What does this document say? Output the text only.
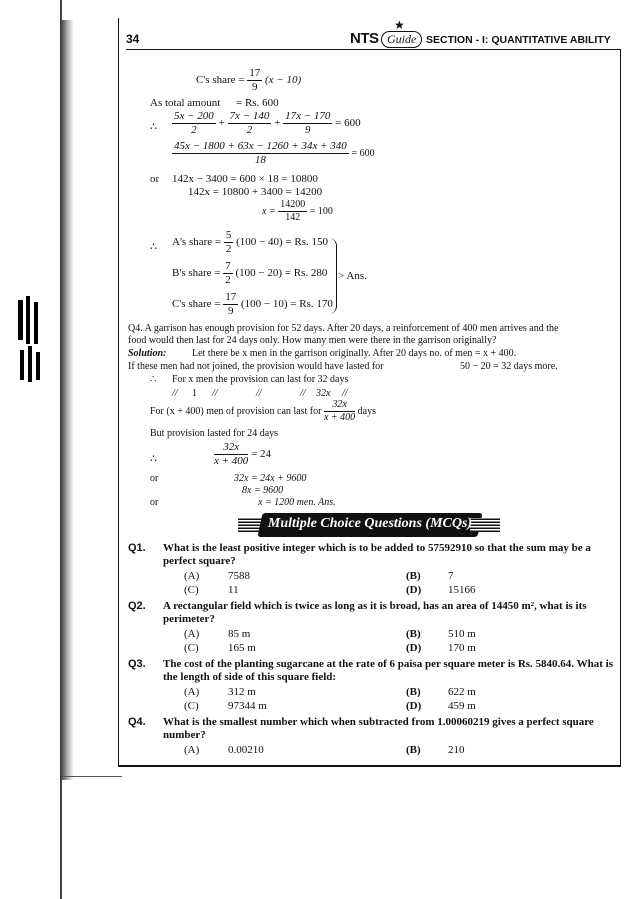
34	NTS Guide
★
SECTION - I: QUANTITATIVE ABILITY
C's share = $\frac{17}{9} (x - 10)$
As total amount = Rs. 600
∴ $\frac{5x - 200}{2} + \frac{7x - 140}{2} + \frac{17x - 170}{9} = 600$
$\frac{45x - 1800 + 63x - 1260 + 34x + 340}{18} = 600$
or 142x − 3400 = 600 × 18 = 10800
142x = 10800 + 3400 = 14200
$x = \frac{14200}{142} = 100$
∴ A's share = $\frac{5}{2} (100 - 40) = Rs$. 150
B's share = $\frac{7}{2} (100 - 20) = Rs$. 280
C's share = $\frac{17}{9} (100 - 10) = Rs$. 170
> Ans.
Q4. A garrison has enough provision for 52 days. After 20 days, a reinforcement of 400 men arrives and the
food would then last for 24 days only. How many men were there in the garrison originally?
Solution:	Let there be x men in the garrison originally. After 20 days no. of men = x + 400.
If these men had not joined, the provision would have lasted for	50 − 20 = 32 days more.
∴ For x men the provision can last for 32 days
// 1 //	//	// 32x //
For (x + 400) men of provision can last for $\frac{32x}{x + 400}$ days
But provision lasted for 24 days
∴	$\frac{32x}{x + 400} = 24$
or	32x = 24x + 9600
8x = 9600
or	x = 1200 men. Ans.
Multiple Choice Questions (MCQs)
Q1. What is the least positive integer which is to be added to 57592910 so that the sum may be a
perfect square?
(A)	7588	(B) 7
(C)	11	(D) 15166
Q2. A rectangular field which is twice as long as it is broad, has an area of 14450 m², what is its
perimeter?
(A)	85 m	(B) 510 m
(C)	165 m	(D) 170 m
Q3. The cost of the planting sugarcane at the rate of 6 paisa per square meter is Rs. 5840.64. What is
the length of side of this square field:
(A)	312 m	(B) 622 m
(C)	97344 m	(D) 459 m
Q4. What is the smallest number which when subtracted from 1.00060219 gives a perfect square
number?
(A)	0.00210	(B) 210
